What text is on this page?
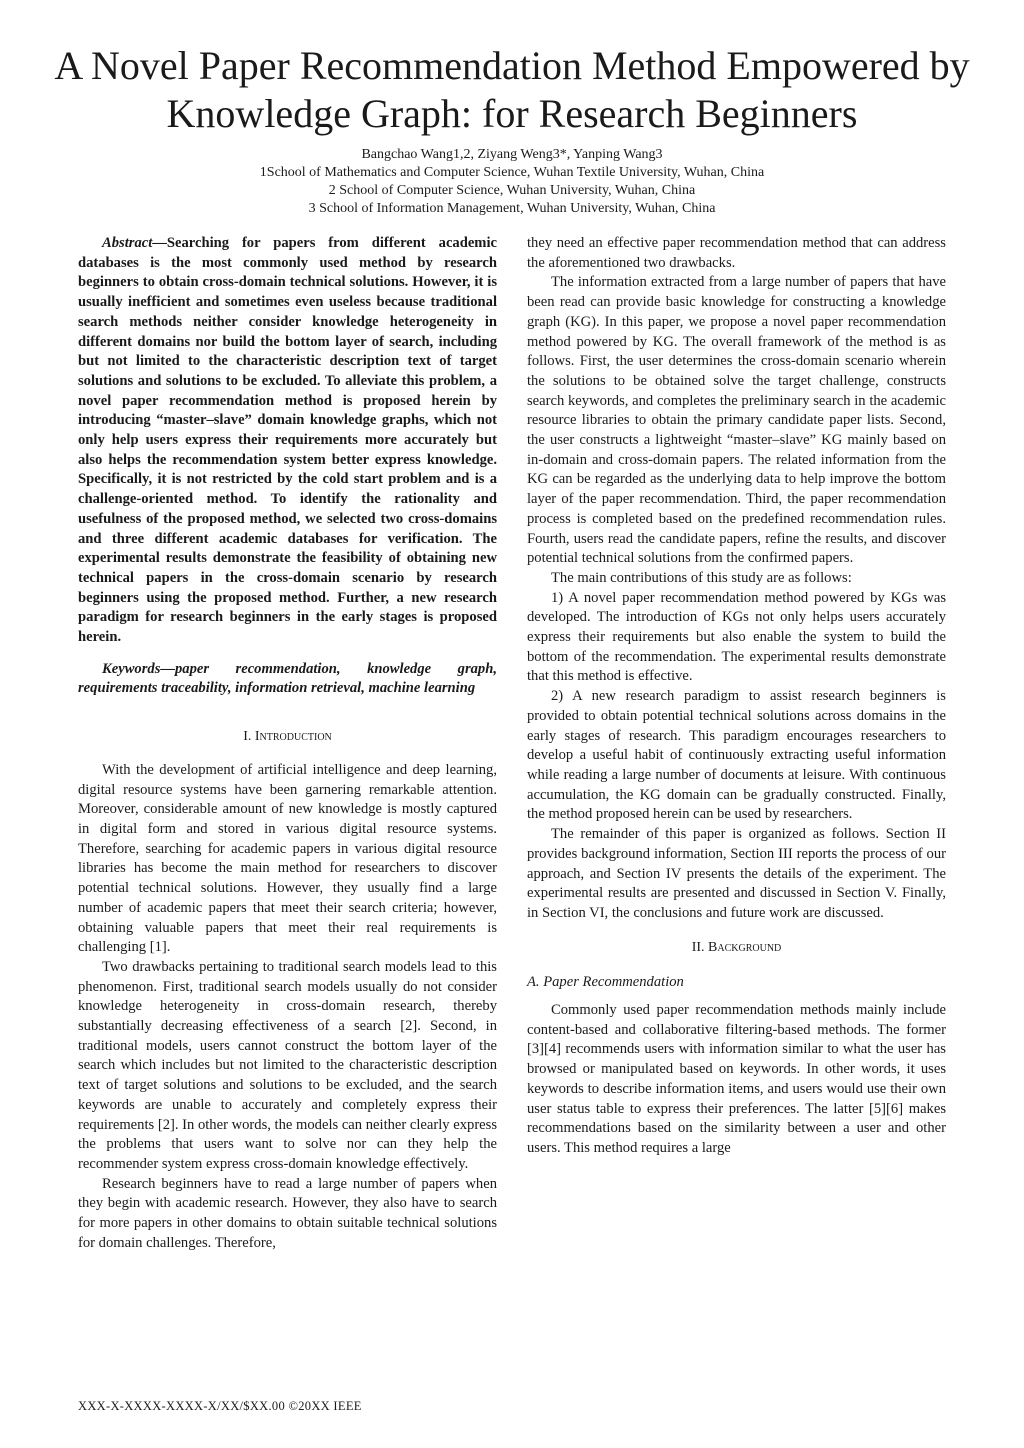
A Novel Paper Recommendation Method Empowered by Knowledge Graph: for Research Beginners
Bangchao Wang1,2, Ziyang Weng3*, Yanping Wang3
1School of Mathematics and Computer Science, Wuhan Textile University, Wuhan, China
2 School of Computer Science, Wuhan University, Wuhan, China
3 School of Information Management, Wuhan University, Wuhan, China

Abstract—Searching for papers from different academic databases is the most commonly used method by research beginners to obtain cross-domain technical solutions. However, it is usually inefficient and sometimes even useless because traditional search methods neither consider knowledge heterogeneity in different domains nor build the bottom layer of search, including but not limited to the characteristic description text of target solutions and solutions to be excluded. To alleviate this problem, a novel paper recommendation method is proposed herein by introducing “master–slave” domain knowledge graphs, which not only help users express their requirements more accurately but also helps the recommendation system better express knowledge. Specifically, it is not restricted by the cold start problem and is a challenge-oriented method. To identify the rationality and usefulness of the proposed method, we selected two cross-domains and three different academic databases for verification. The experimental results demonstrate the feasibility of obtaining new technical papers in the cross-domain scenario by research beginners using the proposed method. Further, a new research paradigm for research beginners in the early stages is proposed herein.

Keywords—paper recommendation, knowledge graph, requirements traceability, information retrieval, machine learning

I. Introduction

With the development of artificial intelligence and deep learning, digital resource systems have been garnering remarkable attention. Moreover, considerable amount of new knowledge is mostly captured in digital form and stored in various digital resource systems. Therefore, searching for academic papers in various digital resource libraries has become the main method for researchers to discover potential technical solutions. However, they usually find a large number of academic papers that meet their search criteria; however, obtaining valuable papers that meet their real requirements is challenging [1].

Two drawbacks pertaining to traditional search models lead to this phenomenon. First, traditional search models usually do not consider knowledge heterogeneity in cross-domain research, thereby substantially decreasing effectiveness of a search [2]. Second, in traditional models, users cannot construct the bottom layer of the search which includes but not limited to the characteristic description text of target solutions and solutions to be excluded, and the search keywords are unable to accurately and completely express their requirements [2]. In other words, the models can neither clearly express the problems that users want to solve nor can they help the recommender system express cross-domain knowledge effectively.

Research beginners have to read a large number of papers when they begin with academic research. However, they also have to search for more papers in other domains to obtain suitable technical solutions for domain challenges. Therefore,

they need an effective paper recommendation method that can address the aforementioned two drawbacks.

The information extracted from a large number of papers that have been read can provide basic knowledge for constructing a knowledge graph (KG). In this paper, we propose a novel paper recommendation method powered by KG. The overall framework of the method is as follows. First, the user determines the cross-domain scenario wherein the solutions to be obtained solve the target challenge, constructs search keywords, and completes the preliminary search in the academic resource libraries to obtain the primary candidate paper lists. Second, the user constructs a lightweight “master–slave” KG mainly based on in-domain and cross-domain papers. The related information from the KG can be regarded as the underlying data to help improve the bottom layer of the paper recommendation. Third, the paper recommendation process is completed based on the predefined recommendation rules. Fourth, users read the candidate papers, refine the results, and discover potential technical solutions from the confirmed papers.

The main contributions of this study are as follows:

1) A novel paper recommendation method powered by KGs was developed. The introduction of KGs not only helps users accurately express their requirements but also enable the system to build the bottom of the recommendation. The experimental results demonstrate that this method is effective.

2) A new research paradigm to assist research beginners is provided to obtain potential technical solutions across domains in the early stages of research. This paradigm encourages researchers to develop a useful habit of continuously extracting useful information while reading a large number of documents at leisure. With continuous accumulation, the KG domain can be gradually constructed. Finally, the method proposed herein can be used by researchers.

The remainder of this paper is organized as follows. Section II provides background information, Section III reports the process of our approach, and Section IV presents the details of the experiment. The experimental results are presented and discussed in Section V. Finally, in Section VI, the conclusions and future work are discussed.

II. Background

A. Paper Recommendation

Commonly used paper recommendation methods mainly include content-based and collaborative filtering-based methods. The former [3][4] recommends users with information similar to what the user has browsed or manipulated based on keywords. In other words, it uses keywords to describe information items, and users would use their own user status table to express their preferences. The latter [5][6] makes recommendations based on the similarity between a user and other users. This method requires a large

XXX-X-XXXX-XXXX-X/XX/$XX.00 ©20XX IEEE
